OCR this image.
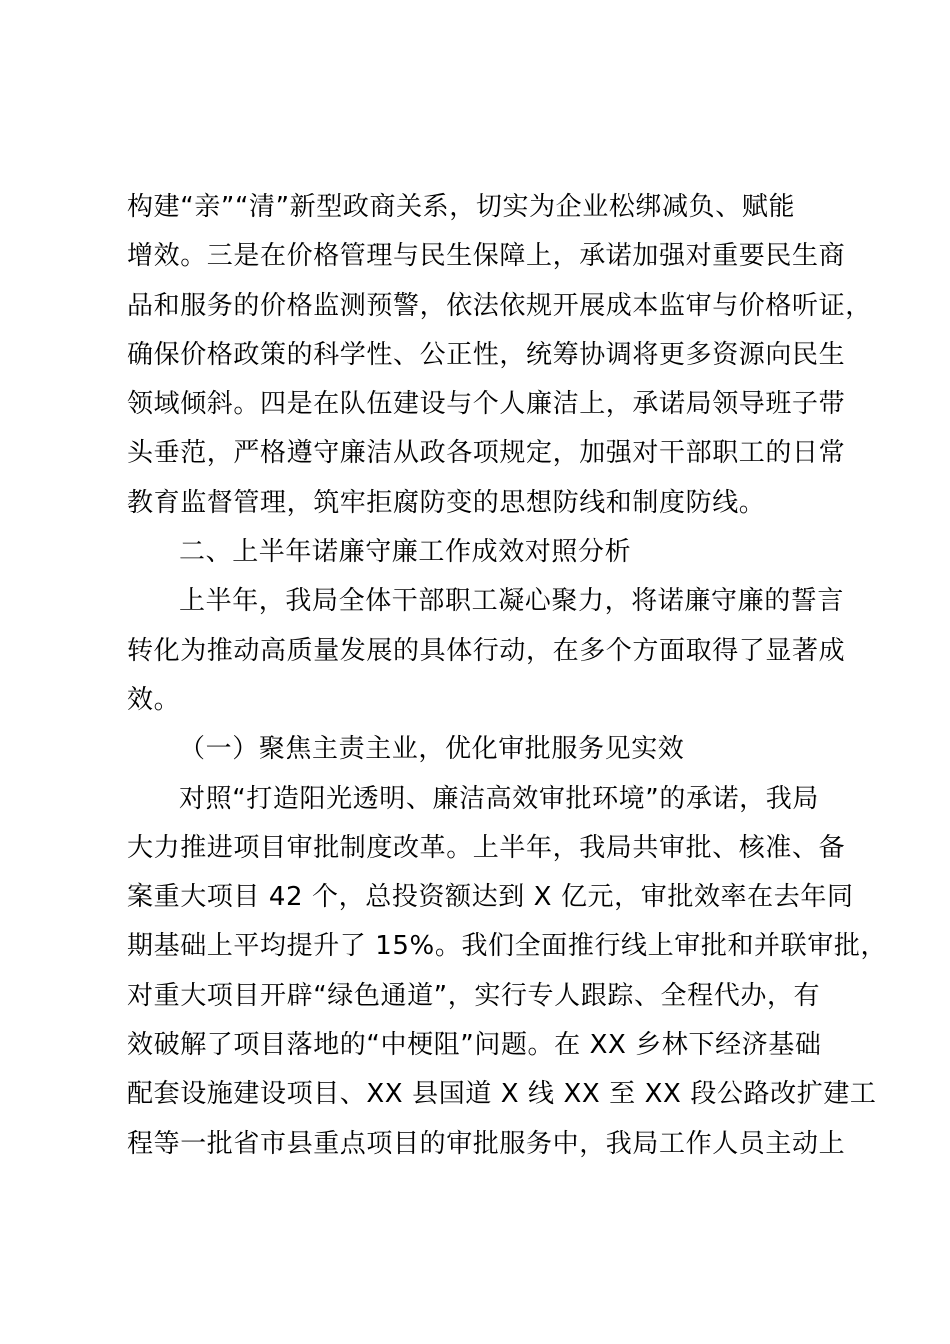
构建“亲”“清”新型政商关系，切实为企业松绑减负、赋能
增效。三是在价格管理与民生保障上，承诺加强对重要民生商
品和服务的价格监测预警，依法依规开展成本监审与价格听证，
确保价格政策的科学性、公正性，统筹协调将更多资源向民生
领域倾斜。四是在队伍建设与个人廉洁上，承诺局领导班子带
头垂范，严格遵守廉洁从政各项规定，加强对干部职工的日常
教育监督管理，筑牢拒腐防变的思想防线和制度防线。
二、上半年诺廉守廉工作成效对照分析
上半年，我局全体干部职工凝心聚力，将诺廉守廉的誓言
转化为推动高质量发展的具体行动，在多个方面取得了显著成
效。
（一）聚焦主责主业，优化审批服务见实效
对照“打造阳光透明、廉洁高效审批环境”的承诺，我局
大力推进项目审批制度改革。上半年，我局共审批、核准、备
案重大项目 42 个，总投资额达到 X 亿元，审批效率在去年同
期基础上平均提升了 15%。我们全面推行线上审批和并联审批，
对重大项目开辟“绿色通道”，实行专人跟踪、全程代办，有
效破解了项目落地的“中梗阻”问题。在 XX 乡林下经济基础
配套设施建设项目、XX 县国道 X 线 XX 至 XX 段公路改扩建工
程等一批省市县重点项目的审批服务中，我局工作人员主动上
